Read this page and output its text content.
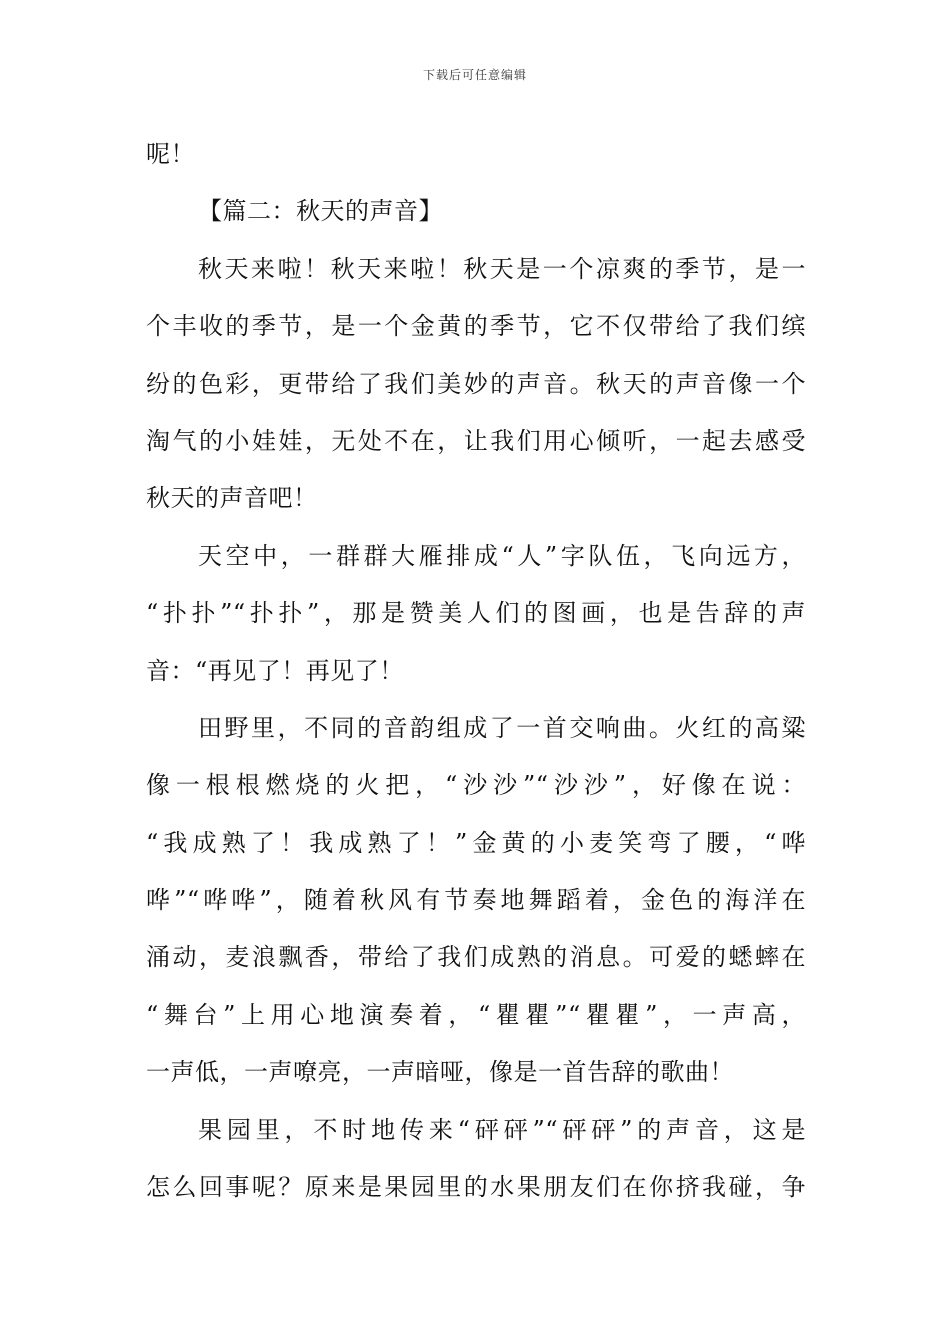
下载后可任意编辑
呢！
【篇二：秋天的声音】
秋天来啦！秋天来啦！秋天是一个凉爽的季节，是一
个丰收的季节，是一个金黄的季节，它不仅带给了我们缤
纷的色彩，更带给了我们美妙的声音。秋天的声音像一个
淘气的小娃娃，无处不在，让我们用心倾听，一起去感受
秋天的声音吧！
天空中，一群群大雁排成“人”字队伍，飞向远方，
“扑扑”“扑扑”，那是赞美人们的图画，也是告辞的声
音：“再见了！再见了！
田野里，不同的音韵组成了一首交响曲。火红的高粱
像一根根燃烧的火把，“沙沙”“沙沙”，好像在说：
“我成熟了！我成熟了！”金黄的小麦笑弯了腰，“哗
哗”“哗哗”，随着秋风有节奏地舞蹈着，金色的海洋在
涌动，麦浪飘香，带给了我们成熟的消息。可爱的蟋蟀在
“舞台”上用心地演奏着，“瞿瞿”“瞿瞿”，一声高，
一声低，一声嘹亮，一声暗哑，像是一首告辞的歌曲！
果园里，不时地传来“砰砰”“砰砰”的声音，这是
怎么回事呢？原来是果园里的水果朋友们在你挤我碰，争
